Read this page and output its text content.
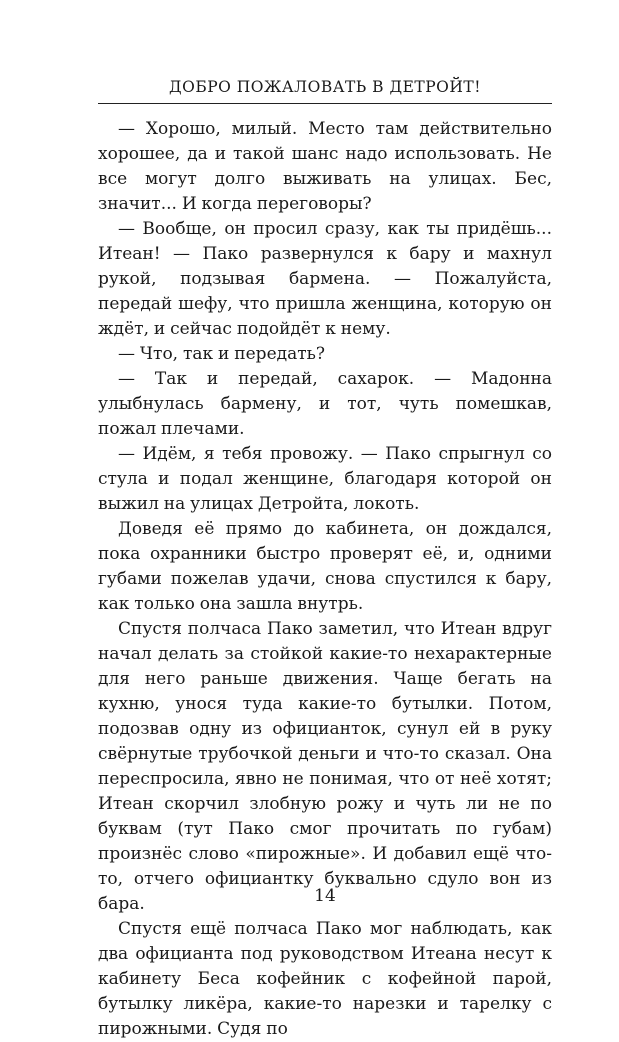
ДОБРО ПОЖАЛОВАТЬ В ДЕТРОЙТ!

— Хорошо, милый. Место там действительно хорошее, да и такой шанс надо использовать. Не все могут долго выживать на улицах. Бес, значит... И когда переговоры?

— Вообще, он просил сразу, как ты придёшь... Итеан! — Пако развернулся к бару и махнул рукой, подзывая бармена. — Пожалуйста, передай шефу, что пришла женщина, которую он ждёт, и сейчас подойдёт к нему.

— Что, так и передать?

— Так и передай, сахарок. — Мадонна улыбнулась бармену, и тот, чуть помешкав, пожал плечами.

— Идём, я тебя провожу. — Пако спрыгнул со стула и подал женщине, благодаря которой он выжил на улицах Детройта, локоть.

Доведя её прямо до кабинета, он дождался, пока охранники быстро проверят её, и, одними губами пожелав удачи, снова спустился к бару, как только она зашла внутрь.

Спустя полчаса Пако заметил, что Итеан вдруг начал делать за стойкой какие-то нехарактерные для него раньше движения. Чаще бегать на кухню, унося туда какие-то бутылки. Потом, подозвав одну из официанток, сунул ей в руку свёрнутые трубочкой деньги и что-то сказал. Она переспросила, явно не понимая, что от неё хотят; Итеан скорчил злобную рожу и чуть ли не по буквам (тут Пако смог прочитать по губам) произнёс слово «пирожные». И добавил ещё что-то, отчего официантку буквально сдуло вон из бара.

Спустя ещё полчаса Пако мог наблюдать, как два официанта под руководством Итеана несут к кабинету Беса кофейник с кофейной парой, бутылку ликёра, какие-то нарезки и тарелку с пирожными. Судя по

14
